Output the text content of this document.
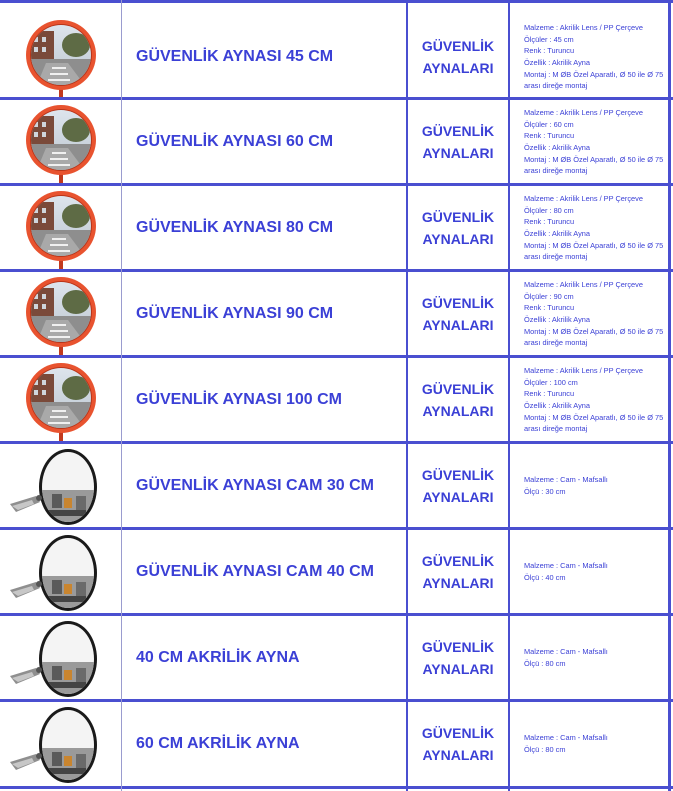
GÜVENLİK AYNASI 45 CM
GÜVENLİK
AYNALARI
Malzeme : Akrilik Lens / PP Çerçeve
Ölçüler : 45 cm
Renk : Turuncu
Özellik : Akrilik Ayna
Montaj : M ØB Özel Aparatlı, Ø 50 ile Ø 75 arası direğe montaj
GÜVENLİK AYNASI 60 CM
GÜVENLİK
AYNALARI
Malzeme : Akrilik Lens / PP Çerçeve
Ölçüler : 60 cm
Renk : Turuncu
Özellik : Akrilik Ayna
Montaj : M ØB Özel Aparatlı, Ø 50 ile Ø 75 arası direğe montaj
GÜVENLİK AYNASI 80 CM
GÜVENLİK
AYNALARI
Malzeme : Akrilik Lens / PP Çerçeve
Ölçüler : 80 cm
Renk : Turuncu
Özellik : Akrilik Ayna
Montaj : M ØB Özel Aparatlı, Ø 50 ile Ø 75 arası direğe montaj
GÜVENLİK AYNASI 90 CM
GÜVENLİK
AYNALARI
Malzeme : Akrilik Lens / PP Çerçeve
Ölçüler : 90 cm
Renk : Turuncu
Özellik : Akrilik Ayna
Montaj : M ØB Özel Aparatlı, Ø 50 ile Ø 75 arası direğe montaj
GÜVENLİK AYNASI 100 CM
GÜVENLİK
AYNALARI
Malzeme : Akrilik Lens / PP Çerçeve
Ölçüler : 100 cm
Renk : Turuncu
Özellik : Akrilik Ayna
Montaj : M ØB Özel Aparatlı, Ø 50 ile Ø 75 arası direğe montaj
GÜVENLİK AYNASI CAM 30 CM
GÜVENLİK
AYNALARI
Malzeme : Cam - Mafsallı
Ölçü : 30 cm
GÜVENLİK AYNASI CAM 40 CM
GÜVENLİK
AYNALARI
Malzeme : Cam - Mafsallı
Ölçü : 40 cm
40 CM AKRİLİK AYNA
GÜVENLİK
AYNALARI
Malzeme : Cam - Mafsallı
Ölçü : 80 cm
60 CM AKRİLİK AYNA
GÜVENLİK
AYNALARI
Malzeme : Cam - Mafsallı
Ölçü : 80 cm
